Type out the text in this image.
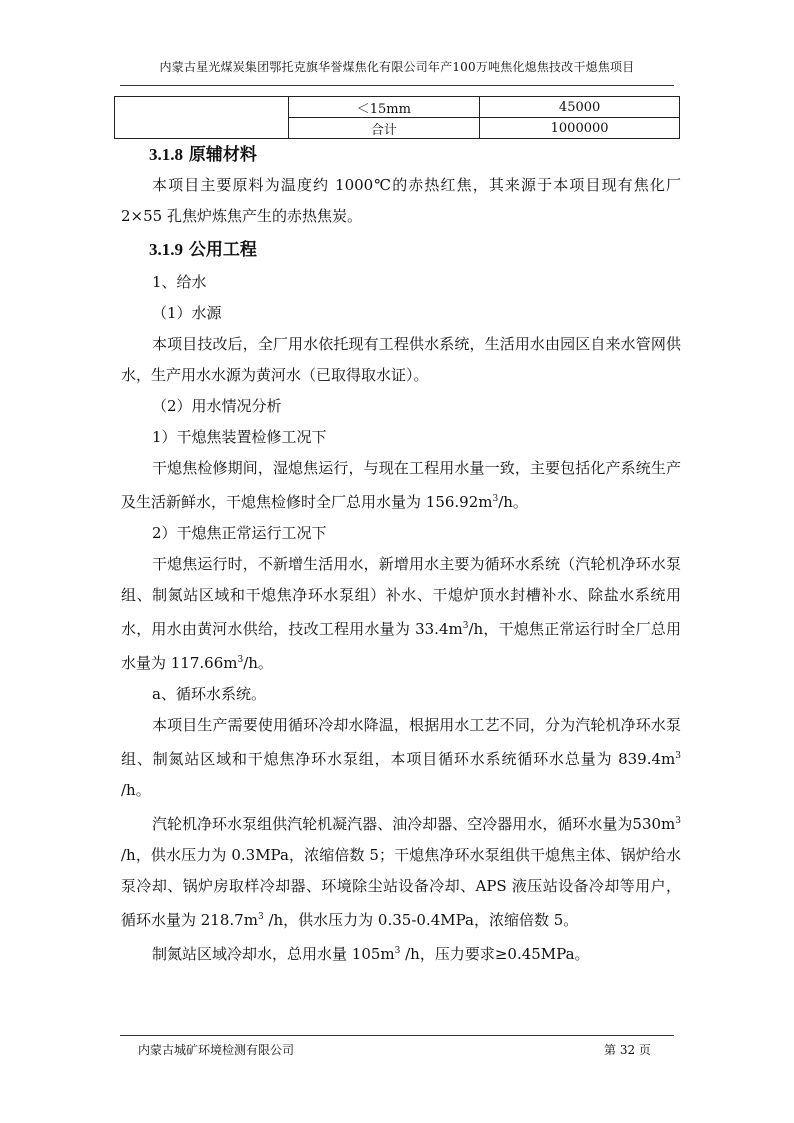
内蒙古星光煤炭集团鄂托克旗华誉煤焦化有限公司年产100万吨焦化熄焦技改干熄焦项目
	＜15mm	45000
	合计	1000000
3.1.8 原辅材料

本项目主要原料为温度约 1000℃的赤热红焦，其来源于本项目现有焦化厂2×55 孔焦炉炼焦产生的赤热焦炭。

3.1.9 公用工程

1、给水

（1）水源

本项目技改后，全厂用水依托现有工程供水系统，生活用水由园区自来水管网供水，生产用水水源为黄河水（已取得取水证）。

（2）用水情况分析

1）干熄焦装置检修工况下

干熄焦检修期间，湿熄焦运行，与现在工程用水量一致，主要包括化产系统生产及生活新鲜水，干熄焦检修时全厂总用水量为 $156.92m^3/h$。

2）干熄焦正常运行工况下

干熄焦运行时，不新增生活用水，新增用水主要为循环水系统（汽轮机净环水泵组、制氮站区域和干熄焦净环水泵组）补水、干熄炉顶水封槽补水、除盐水系统用水，用水由黄河水供给，技改工程用水量为 $33.4m^3/h$，干熄焦正常运行时全厂总用水量为 $117.66m^3/h$。

a、循环水系统。

本项目生产需要使用循环冷却水降温，根据用水工艺不同，分为汽轮机净环水泵组、制氮站区域和干熄焦净环水泵组，本项目循环水系统循环水总量为 $839.4m^3$ /h。

汽轮机净环水泵组供汽轮机凝汽器、油冷却器、空冷器用水，循环水量为$530m^3$ /h，供水压力为 0.3MPa，浓缩倍数 5；干熄焦净环水泵组供干熄焦主体、锅炉给水泵冷却、锅炉房取样冷却器、环境除尘站设备冷却、APS 液压站设备冷却等用户，循环水量为 $218.7m^3$ /h，供水压力为 0.35-0.4MPa，浓缩倍数 5。

制氮站区域冷却水，总用水量 $105m^3$ /h，压力要求≥0.45MPa。

内蒙古城矿环境检测有限公司	第 32 页
